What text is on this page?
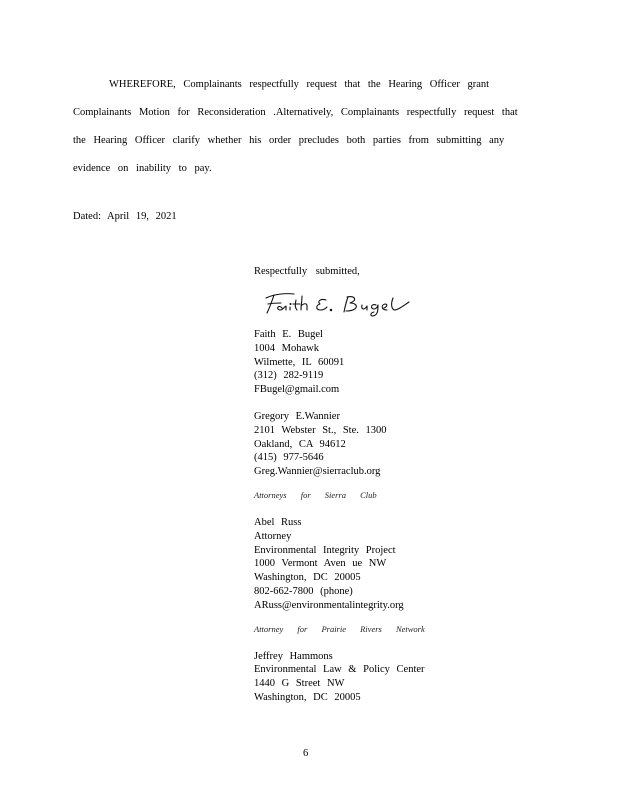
WHEREFORE, Complainants respectfully request that the Hearing Officer grant
Complainants Motion for Reconsideration .Alternatively, Complainants respectfully request that
the Hearing Officer clarify whether his order precludes both parties from submitting any
evidence on inability to pay.
Dated: April 19, 2021
Respectfully submitted,
Faith E. Bugel
1004 Mohawk
Wilmette, IL 60091
(312) 282-9119
FBugel@gmail.com
Gregory E.Wannier
2101 Webster St., Ste. 1300
Oakland, CA 94612
(415) 977-5646
Greg.Wannier@sierraclub.org
Attorneys for Sierra Club
Abel Russ
Attorney
Environmental Integrity Project
1000 Vermont Aven ue NW
Washington, DC 20005
802-662-7800 (phone)
ARuss@environmentalintegrity.org
Attorney for Prairie Rivers Network
Jeffrey Hammons
Environmental Law & Policy Center
1440 G Street NW
Washington, DC 20005
6
